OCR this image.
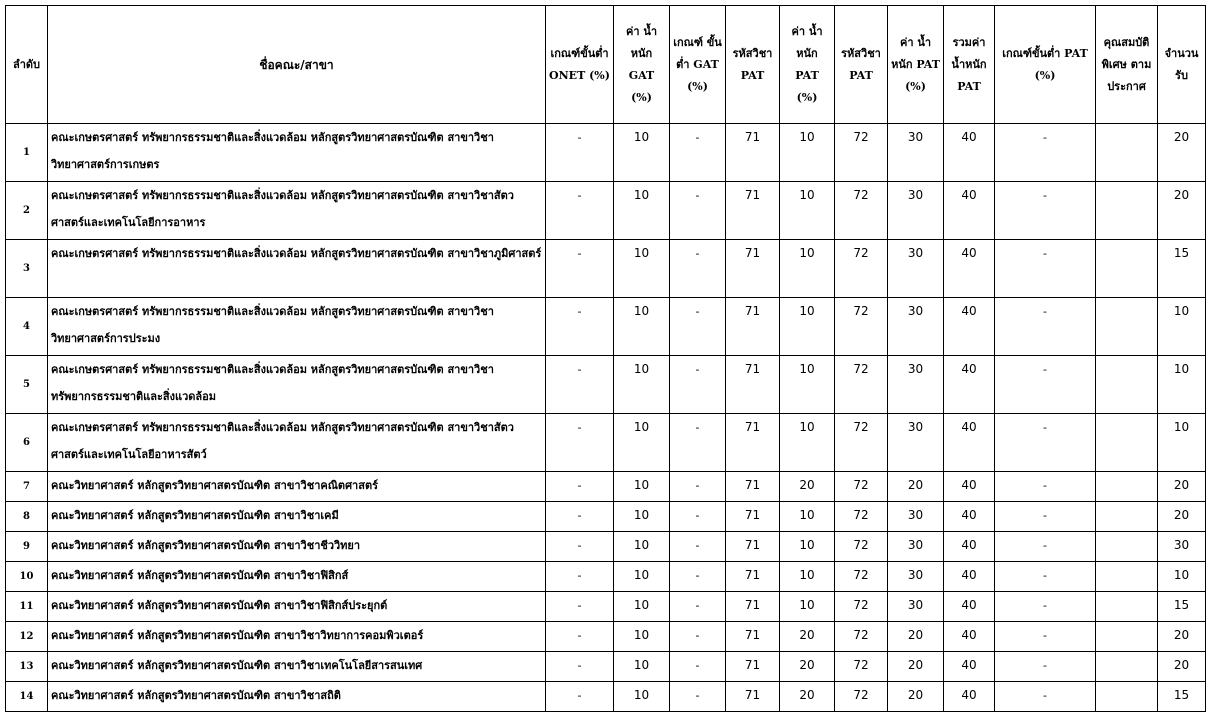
ลำดับ	ชื่อคณะ/สาขา	เกณฑ์ขั้นต่ำ ONET (%)	ค่า น้ำหนัก GAT (%)	เกณฑ์ ขั้นต่ำ GAT (%)	รหัสวิชา PAT	ค่า น้ำหนัก PAT (%)	รหัสวิชา PAT	ค่า น้ำหนัก PAT (%)	รวมค่า น้ำหนัก PAT	เกณฑ์ขั้นต่ำ PAT (%)	คุณสมบัติ พิเศษ ตาม ประกาศ	จำนวน รับ
1	คณะเกษตรศาสตร์ ทรัพยากรธรรมชาติและสิ่งแวดล้อม หลักสูตรวิทยาศาสตรบัณฑิต สาขาวิชาวิทยาศาสตร์การเกษตร	-	10	-	71	10	72	30	40	-		20
2	คณะเกษตรศาสตร์ ทรัพยากรธรรมชาติและสิ่งแวดล้อม หลักสูตรวิทยาศาสตรบัณฑิต สาขาวิชาสัตวศาสตร์และเทคโนโลยีการอาหาร	-	10	-	71	10	72	30	40	-		20
3	คณะเกษตรศาสตร์ ทรัพยากรธรรมชาติและสิ่งแวดล้อม หลักสูตรวิทยาศาสตรบัณฑิต สาขาวิชาภูมิศาสตร์	-	10	-	71	10	72	30	40	-		15
4	คณะเกษตรศาสตร์ ทรัพยากรธรรมชาติและสิ่งแวดล้อม หลักสูตรวิทยาศาสตรบัณฑิต สาขาวิชาวิทยาศาสตร์การประมง	-	10	-	71	10	72	30	40	-		10
5	คณะเกษตรศาสตร์ ทรัพยากรธรรมชาติและสิ่งแวดล้อม หลักสูตรวิทยาศาสตรบัณฑิต สาขาวิชาทรัพยากรธรรมชาติและสิ่งแวดล้อม	-	10	-	71	10	72	30	40	-		10
6	คณะเกษตรศาสตร์ ทรัพยากรธรรมชาติและสิ่งแวดล้อม หลักสูตรวิทยาศาสตรบัณฑิต สาขาวิชาสัตวศาสตร์และเทคโนโลยีอาหารสัตว์	-	10	-	71	10	72	30	40	-		10
7	คณะวิทยาศาสตร์ หลักสูตรวิทยาศาสตรบัณฑิต สาขาวิชาคณิตศาสตร์	-	10	-	71	20	72	20	40	-		20
8	คณะวิทยาศาสตร์ หลักสูตรวิทยาศาสตรบัณฑิต สาขาวิชาเคมี	-	10	-	71	10	72	30	40	-		20
9	คณะวิทยาศาสตร์ หลักสูตรวิทยาศาสตรบัณฑิต สาขาวิชาชีววิทยา	-	10	-	71	10	72	30	40	-		30
10	คณะวิทยาศาสตร์ หลักสูตรวิทยาศาสตรบัณฑิต สาขาวิชาฟิสิกส์	-	10	-	71	10	72	30	40	-		10
11	คณะวิทยาศาสตร์ หลักสูตรวิทยาศาสตรบัณฑิต สาขาวิชาฟิสิกส์ประยุกต์	-	10	-	71	10	72	30	40	-		15
12	คณะวิทยาศาสตร์ หลักสูตรวิทยาศาสตรบัณฑิต สาขาวิชาวิทยาการคอมพิวเตอร์	-	10	-	71	20	72	20	40	-		20
13	คณะวิทยาศาสตร์ หลักสูตรวิทยาศาสตรบัณฑิต สาขาวิชาเทคโนโลยีสารสนเทศ	-	10	-	71	20	72	20	40	-		20
14	คณะวิทยาศาสตร์ หลักสูตรวิทยาศาสตรบัณฑิต สาขาวิชาสถิติ	-	10	-	71	20	72	20	40	-		15
